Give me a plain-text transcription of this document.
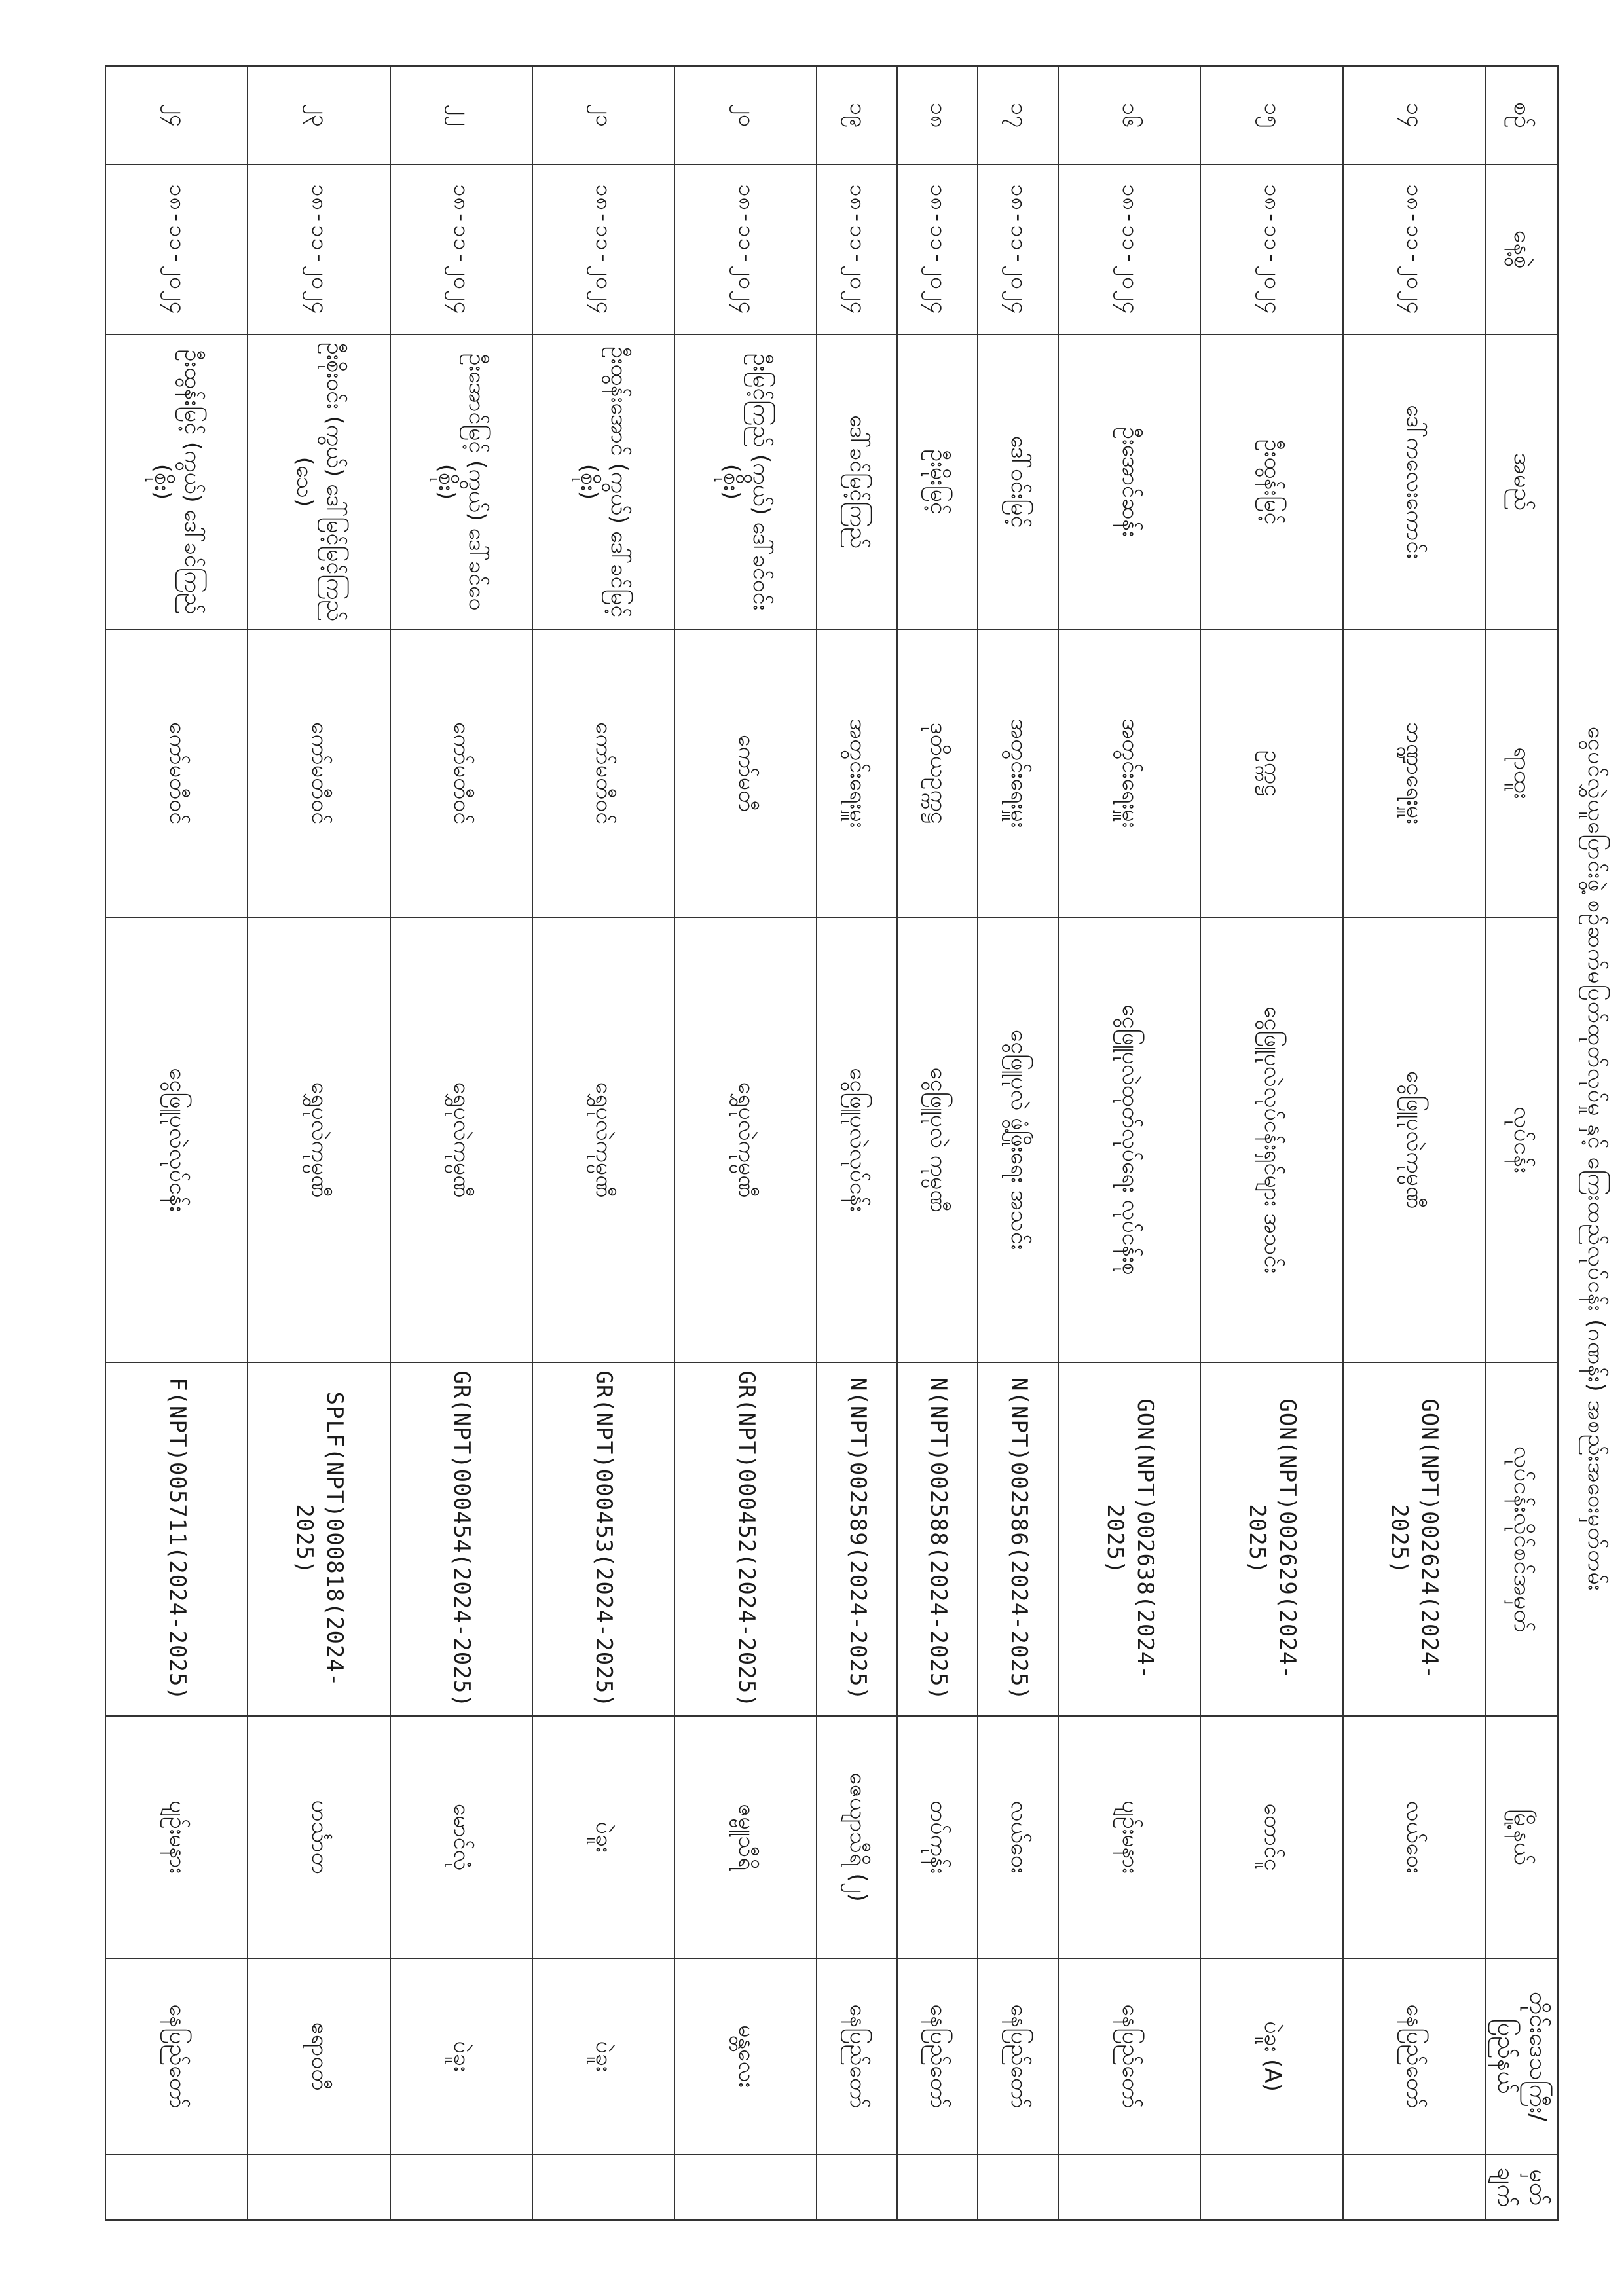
ငွေပင်လွှဲယူပြောင်းဖွဲ့ စဉ်ဆက်မပြတ်ထုတ်လုပ်မှု နှင့် ကြေးထည်လုပ်ငန်း (ဂဏန်း) အစည်းအဝေးမှတ်တမ်း
စဉ်	နေ့စွဲ	အမည်	ရာထူး	လုပ်ငန်း	လုပ်ငန်းလိုင်စင်အမှတ်	မြို့နယ်	တိုင်းဒေသကြီး/ပြည်နယ်	မှတ်ချက်
၁၄	၁၈-၁၁-၂၀၂၄	ဒေါ်ကလေးကောင်း	ဘဏ္ဍာရေးမှူး	ငွေဖြူပုလဲကုမ္ပဏီ	GON(NPT)002624(2024-2025)	လယ်ဝေး	နေပြည်တော်	
၁၅	၁၈-၁၁-၂၀၂၄	ဦးထွန်းမြင့်	ဥက္ကဋ္ဌ	ငွေဖြူပုလဲလုပ်ငန်းရှင်များ အသင်း	GON(NPT)002629(2024-2025)	တောင်ငူ	ပဲခူး (A)	
၁၆	၁၈-၁၁-၂၀၂၄	ဦးအောင်ဆန်း	အတွင်းရေးမှူး	ငွေဖြူပုလဲထုတ်လုပ်ရေး လုပ်ငန်းစု	GON(NPT)002638(2024-2025)	ပျဉ်းမနား	နေပြည်တော်	
၁၇	၁၈-၁၁-၂၀၂၄	ဒေါ်ဝင်းမြင့်	အတွင်းရေးမှူး	ငွေဖြူပုလဲ ဖွံ့ဖြိုးရေး အသင်း	N(NPT)002586(2024-2025)	လယ်ဝေး	နေပြည်တော်	
၁၈	၁၈-၁၁-၂၀၂၄	ဦးမိုးမြင့်	ဒုတိယဥက္ကဋ္ဌ	ငွေဖြူပုလဲ ကုမ္ပဏီ	N(NPT)002588(2024-2025)	တပ်ကုန်း	နေပြည်တော်	
၁၉	၁၈-၁၁-၂၀၂၄	ဒေါ်ခင်မြင့်ကြည်	အတွင်းရေးမှူး	ငွေဖြူပုလဲလုပ်ငန်း	N(NPT)002589(2024-2025)	ဇေယျာသီရိ (၂)	နေပြည်တော်	
၂၀	၁၈-၁၁-၂၀၂၄	ဦးမြင့်ကြည် (ကွယ်) ဒေါ်ခင်ဝင်း (စိုး)	ကော်မတီ	ရွှေပုလဲကုမ္ပဏီ	GR(NPT)000452(2024-2025)	ဇမ္ဗူသီရိ	မန္တလေး	
၂၁	၁၈-၁၁-၂၀၂၄	ဦးထွန်းအောင် (ကွယ်) ဒေါ်ခင်မြင့် (စိုး)	ကော်မတီဝင်	ရွှေပုလဲကုမ္ပဏီ	GR(NPT)000453(2024-2025)	ပဲခူး	ပဲခူး	
၂၂	၁၈-၁၁-၂၀၂၄	ဦးအောင်မြင့် (ကွယ်) ဒေါ်ခင်ဝေ (စိုး)	ကော်မတီဝင်	ရွှေပုလဲကုမ္ပဏီ	GR(NPT)000454(2024-2025)	မောင်လုံ	ပဲခူး	
၂၃	၁၈-၁၁-၂၀၂၄	ဦးစိုးဝင်း (ကွယ်) ဒေါ်မြင့်မြင့်ကြည် (သေ)	ကော်မတီဝင်	ရွှေပုလဲကုမ္ပဏီ	SPLF(NPT)000818(2024-2025)	ဟင်္သာတ	ဧရာဝတီ	
၂၄	၁၈-၁၁-၂၀၂၄	ဦးထွန်းမြင့် (ကွယ်) ဒေါ်ခင်ကြည် (စိုး)	ကော်မတီဝင်	ငွေဖြူပုလဲလုပ်ငန်း	F(NPT)005711(2024-2025)	ပျဉ်းမနား	နေပြည်တော်	
